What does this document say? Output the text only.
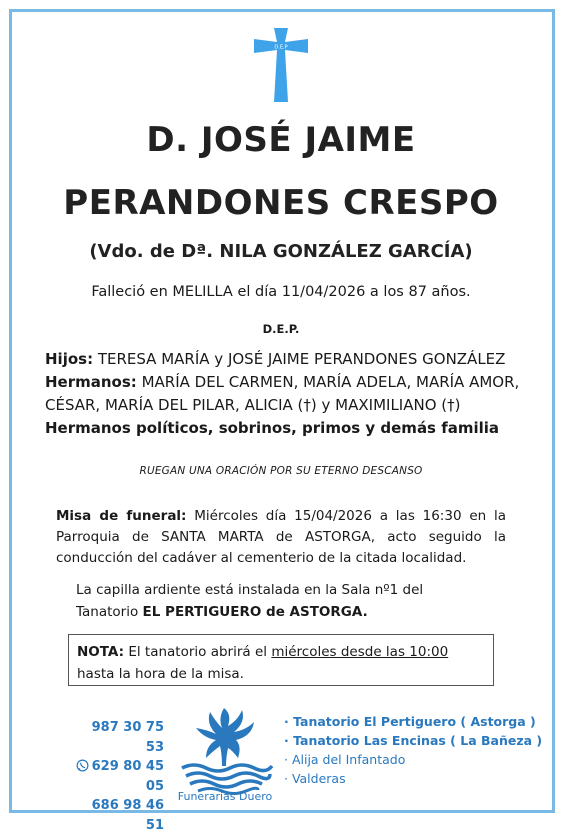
D.E.P
D. JOSÉ JAIME
PERANDONES CRESPO
(Vdo. de Dª. NILA GONZÁLEZ GARCÍA)
Falleció en MELILLA el día 11/04/2026 a los 87 años.
D.E.P.
Hijos: TERESA MARÍA y JOSÉ JAIME PERANDONES GONZÁLEZ
Hermanos: MARÍA DEL CARMEN, MARÍA ADELA, MARÍA AMOR,
CÉSAR, MARÍA DEL PILAR, ALICIA (†) y MAXIMILIANO (†)
Hermanos políticos, sobrinos, primos y demás familia
RUEGAN UNA ORACIÓN POR SU ETERNO DESCANSO
Misa de funeral: Miércoles día 15/04/2026 a las 16:30 en la Parroquia de SANTA MARTA de ASTORGA, acto seguido la conducción del cadáver al cementerio de la citada localidad.
La capilla ardiente está instalada en la Sala nº1 del
Tanatorio EL PERTIGUERO de ASTORGA.
NOTA: El tanatorio abrirá el miércoles desde las 10:00
hasta la hora de la misa.
987 30 75 53
629 80 45 05
686 98 46 51
Funerarias Duero
· Tanatorio El Pertiguero ( Astorga )
· Tanatorio Las Encinas ( La Bañeza )
· Alija del Infantado
· Valderas
